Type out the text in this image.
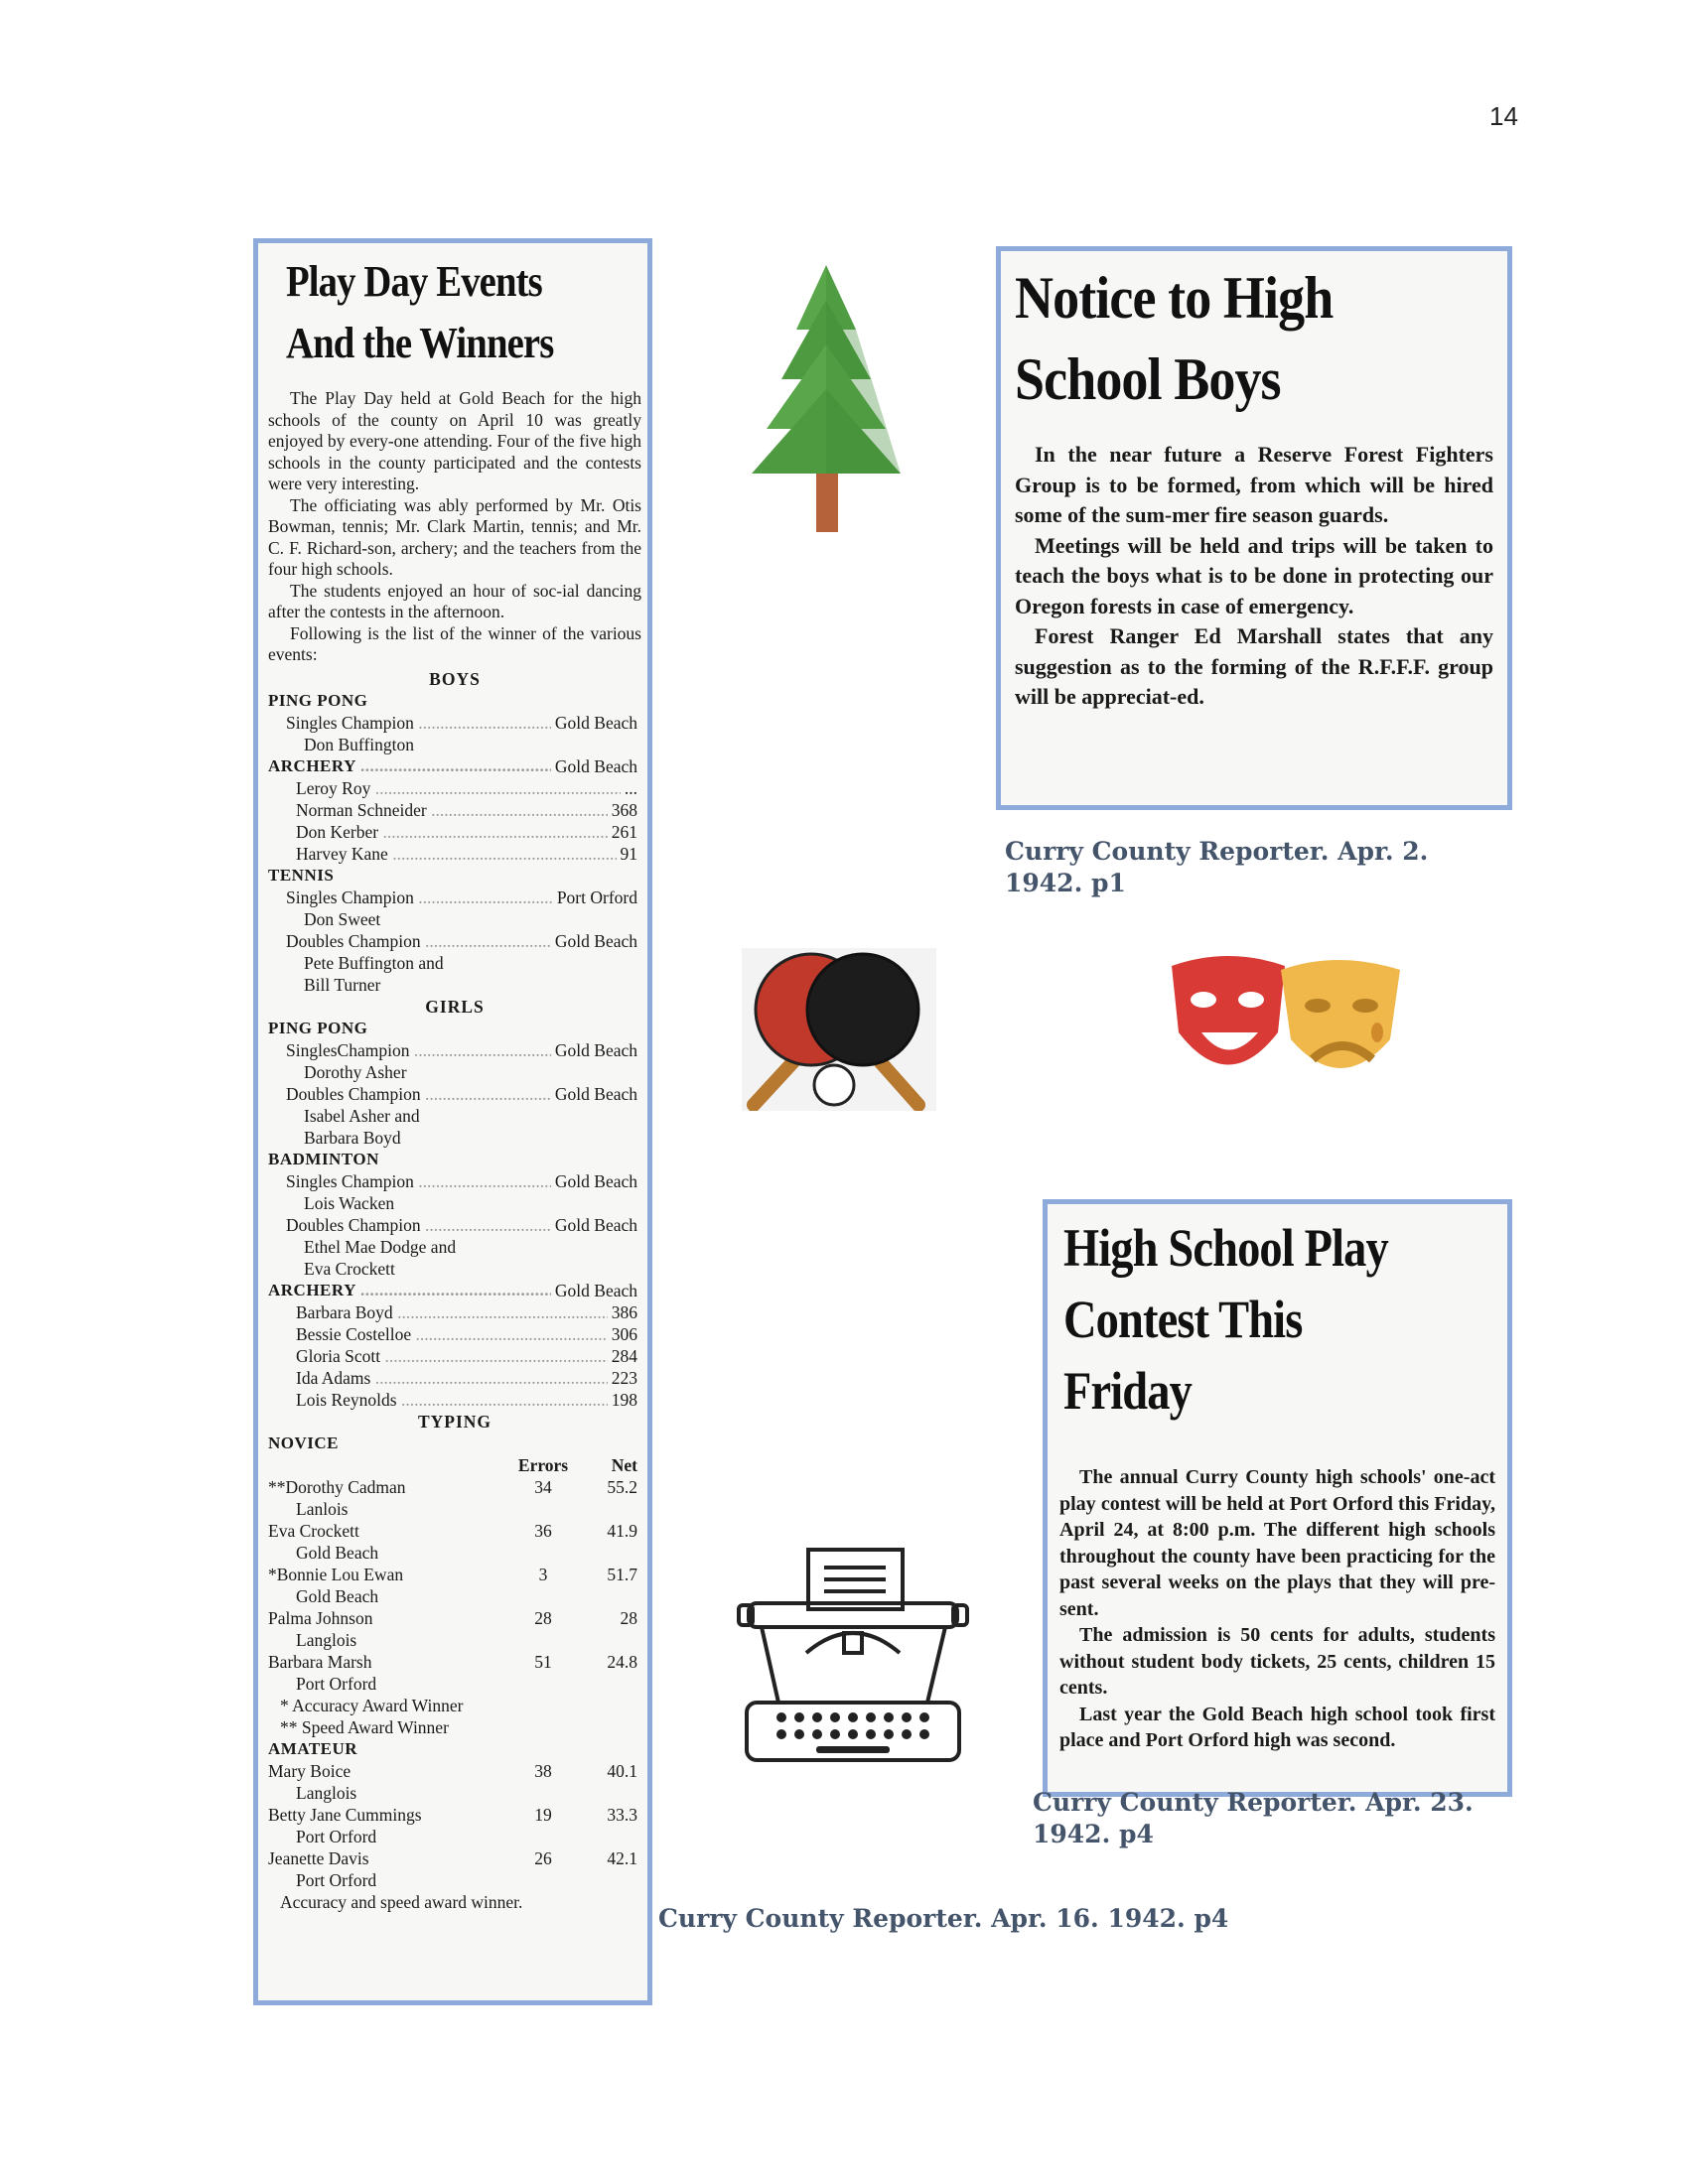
14
Play Day Events
And the Winners

The Play Day held at Gold Beach for the high schools of the county on April 10 was greatly enjoyed by every-one attending. Four of the five high schools in the county participated and the contests were very interesting.

The officiating was ably performed by Mr. Otis Bowman, tennis; Mr. Clark Martin, tennis; and Mr. C. F. Richard-son, archery; and the teachers from the four high schools.

The students enjoyed an hour of soc-ial dancing after the contests in the afternoon.

Following is the list of the winner of the various events:

BOYS
PING PONG
Singles Champion .....	Gold Beach
Don Buffington
ARCHERY .....	Gold Beach
Leroy Roy .....	...
Norman Schneider .....	368
Don Kerber .....	261
Harvey Kane .....	91
TENNIS
Singles Champion .....	Port Orford
Don Sweet
Doubles Champion .....	Gold Beach
Pete Buffington and
Bill Turner
GIRLS
PING PONG
SinglesChampion .....	Gold Beach
Dorothy Asher
Doubles Champion .....	Gold Beach
Isabel Asher and
Barbara Boyd
BADMINTON
Singles Champion .....	Gold Beach
Lois Wacken
Doubles Champion .....	Gold Beach
Ethel Mae Dodge and
Eva Crockett
ARCHERY .....	Gold Beach
Barbara Boyd .....	386
Bessie Costelloe .....	306
Gloria Scott .....	284
Ida Adams .....	223
Lois Reynolds .....	198
TYPING
NOVICE
Errors	Net
**Dorothy Cadman	34	55.2
Lanlois
Eva Crockett	36	41.9
Gold Beach
*Bonnie Lou Ewan	3	51.7
Gold Beach
Palma Johnson	28	28
Langlois
Barbara Marsh	51	24.8
Port Orford
* Accuracy Award Winner
** Speed Award Winner
AMATEUR
Mary Boice	38	40.1
Langlois
Betty Jane Cummings	19	33.3
Port Orford
Jeanette Davis	26	42.1
Port Orford
Accuracy and speed award winner.
Notice to High
School Boys

In the near future a Reserve Forest Fighters Group is to be formed, from which will be hired some of the sum-mer fire season guards.

Meetings will be held and trips will be taken to teach the boys what is to be done in protecting our Oregon forests in case of emergency.

Forest Ranger Ed Marshall states that any suggestion as to the forming of the R.F.F.F. group will be appreciat-ed.

Curry County Reporter. Apr. 2. 1942. p1
High School Play
Contest This Friday

The annual Curry County high schools' one-act play contest will be held at Port Orford this Friday, April 24, at 8:00 p.m. The different high schools throughout the county have been practicing for the past several weeks on the plays that they will pre-sent.

The admission is 50 cents for adults, students without student body tickets, 25 cents, children 15 cents.

Last year the Gold Beach high school took first place and Port Orford high was second.

Curry County Reporter. Apr. 23. 1942. p4
Curry County Reporter. Apr. 16. 1942. p4
